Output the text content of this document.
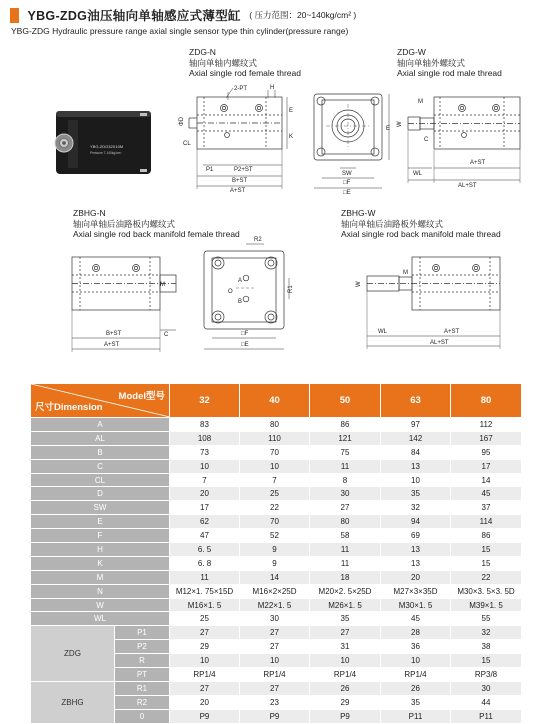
YBG-ZDG油压轴向单轴感应式薄型缸 ( 压力范围：20~140kg/cm² )
YBG-ZDG Hydraulic pressure range axial single sensor type thin cylinder(pressure range)
ZDG-N
轴向单轴内螺纹式
Axial single rod female thread
ZDG-W
轴向单轴外螺纹式
Axial single rod male thread
ZBHG-N
轴向单轴后油路板内螺纹式
Axial single rod back manifold female thread
ZBHG-W
轴向单轴后油路板外螺纹式
Axial single rod back manifold male thread
YBG-ZDG32X10M
Pressure 7-140kg/cm²
2-PT	H
E
K
ΦD
CL
P1	P2+ST
B+ST
A+ST
E
SW
□F
□E
M
W
C
WL
A+ST
AL+ST
M
C
B+ST
A+ST
R2
A
B
R1
O
□F
□E
W
M
WL	A+ST
AL+ST
Model型号
尺寸Dimension		32	40	50	63	80
A		83	80	86	97	112
AL		108	110	121	142	167
B		73	70	75	84	95
C		10	10	11	13	17
CL		7	7	8	10	14
D		20	25	30	35	45
SW		17	22	27	32	37
E		62	70	80	94	114
F		47	52	58	69	86
H		6. 5	9	11	13	15
K		6. 8	9	11	13	15
M		11	14	18	20	22
N		M12×1. 75×15D	M16×2×25D	M20×2. 5×25D	M27×3×35D	M30×3. 5×3. 5D
W		M16×1. 5	M22×1. 5	M26×1. 5	M30×1. 5	M39×1. 5
WL		25	30	35	45	55
ZDG	P1	27	27	27	28	32
	P2	29	27	31	36	38
	R	10	10	10	10	15
	PT	RP1/4	RP1/4	RP1/4	RP1/4	RP3/8
ZBHG	R1	27	27	26	26	30
	R2	20	23	29	35	44
	0	P9	P9	P9	P11	P11
